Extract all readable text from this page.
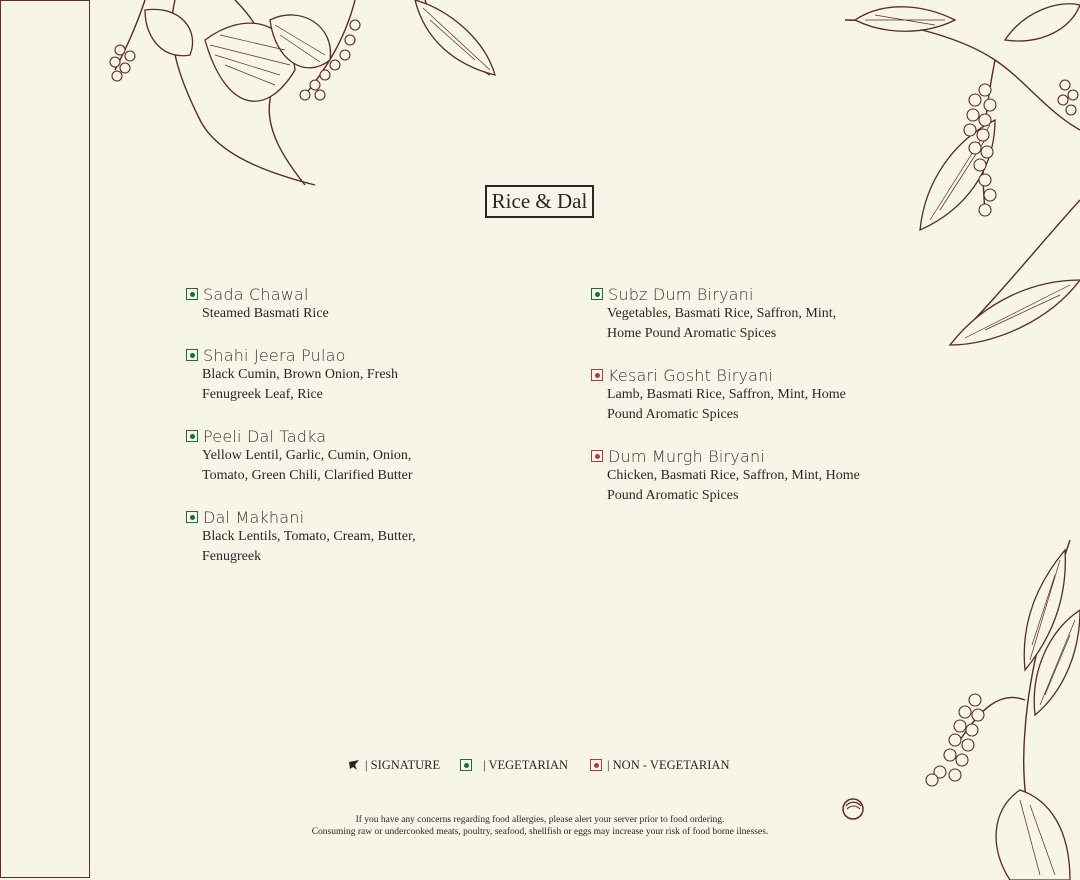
Rice & Dal
Sada Chawal
Steamed Basmati Rice
Shahi Jeera Pulao
Black Cumin, Brown Onion, Fresh Fenugreek Leaf, Rice
Peeli Dal Tadka
Yellow Lentil, Garlic, Cumin, Onion, Tomato, Green Chili, Clarified Butter
Dal Makhani
Black Lentils, Tomato, Cream, Butter, Fenugreek
Subz Dum Biryani
Vegetables, Basmati Rice, Saffron, Mint, Home Pound Aromatic Spices
Kesari Gosht Biryani
Lamb, Basmati Rice, Saffron, Mint, Home Pound Aromatic Spices
Dum Murgh Biryani
Chicken, Basmati Rice, Saffron, Mint, Home Pound Aromatic Spices
| SIGNATURE	| VEGETARIAN	| NON - VEGETARIAN
If you have any concerns regarding food allergies, please alert your server prior to food ordering.
Consuming raw or undercooked meats, poultry, seafood, shellfish or eggs may increase your risk of food borne ilnesses.
